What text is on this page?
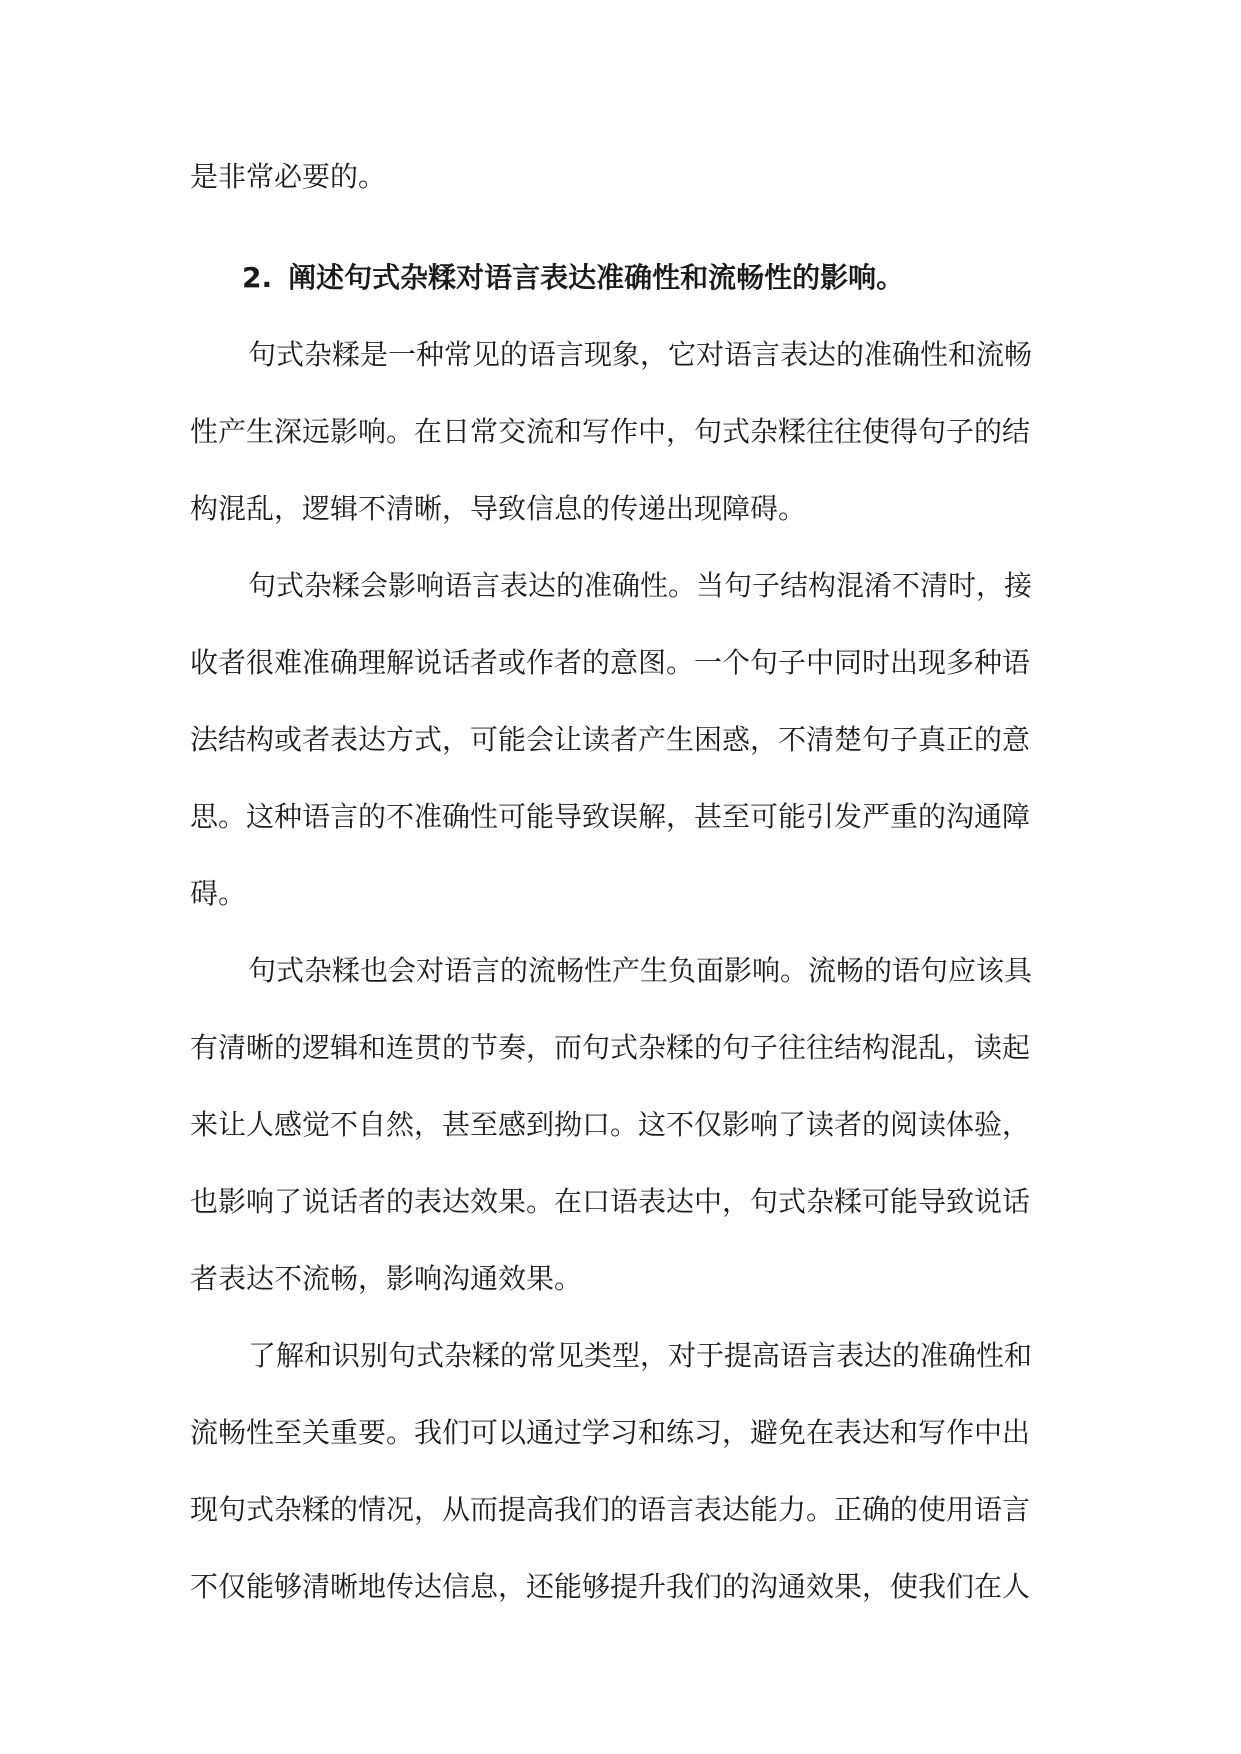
是非常必要的。
2. 阐述句式杂糅对语言表达准确性和流畅性的影响。
句式杂糅是一种常见的语言现象，它对语言表达的准确性和流畅
性产生深远影响。在日常交流和写作中，句式杂糅往往使得句子的结
构混乱，逻辑不清晰，导致信息的传递出现障碍。
句式杂糅会影响语言表达的准确性。当句子结构混淆不清时，接
收者很难准确理解说话者或作者的意图。一个句子中同时出现多种语
法结构或者表达方式，可能会让读者产生困惑，不清楚句子真正的意
思。这种语言的不准确性可能导致误解，甚至可能引发严重的沟通障
碍。
句式杂糅也会对语言的流畅性产生负面影响。流畅的语句应该具
有清晰的逻辑和连贯的节奏，而句式杂糅的句子往往结构混乱，读起
来让人感觉不自然，甚至感到拗口。这不仅影响了读者的阅读体验，
也影响了说话者的表达效果。在口语表达中，句式杂糅可能导致说话
者表达不流畅，影响沟通效果。
了解和识别句式杂糅的常见类型，对于提高语言表达的准确性和
流畅性至关重要。我们可以通过学习和练习，避免在表达和写作中出
现句式杂糅的情况，从而提高我们的语言表达能力。正确的使用语言
不仅能够清晰地传达信息，还能够提升我们的沟通效果，使我们在人
